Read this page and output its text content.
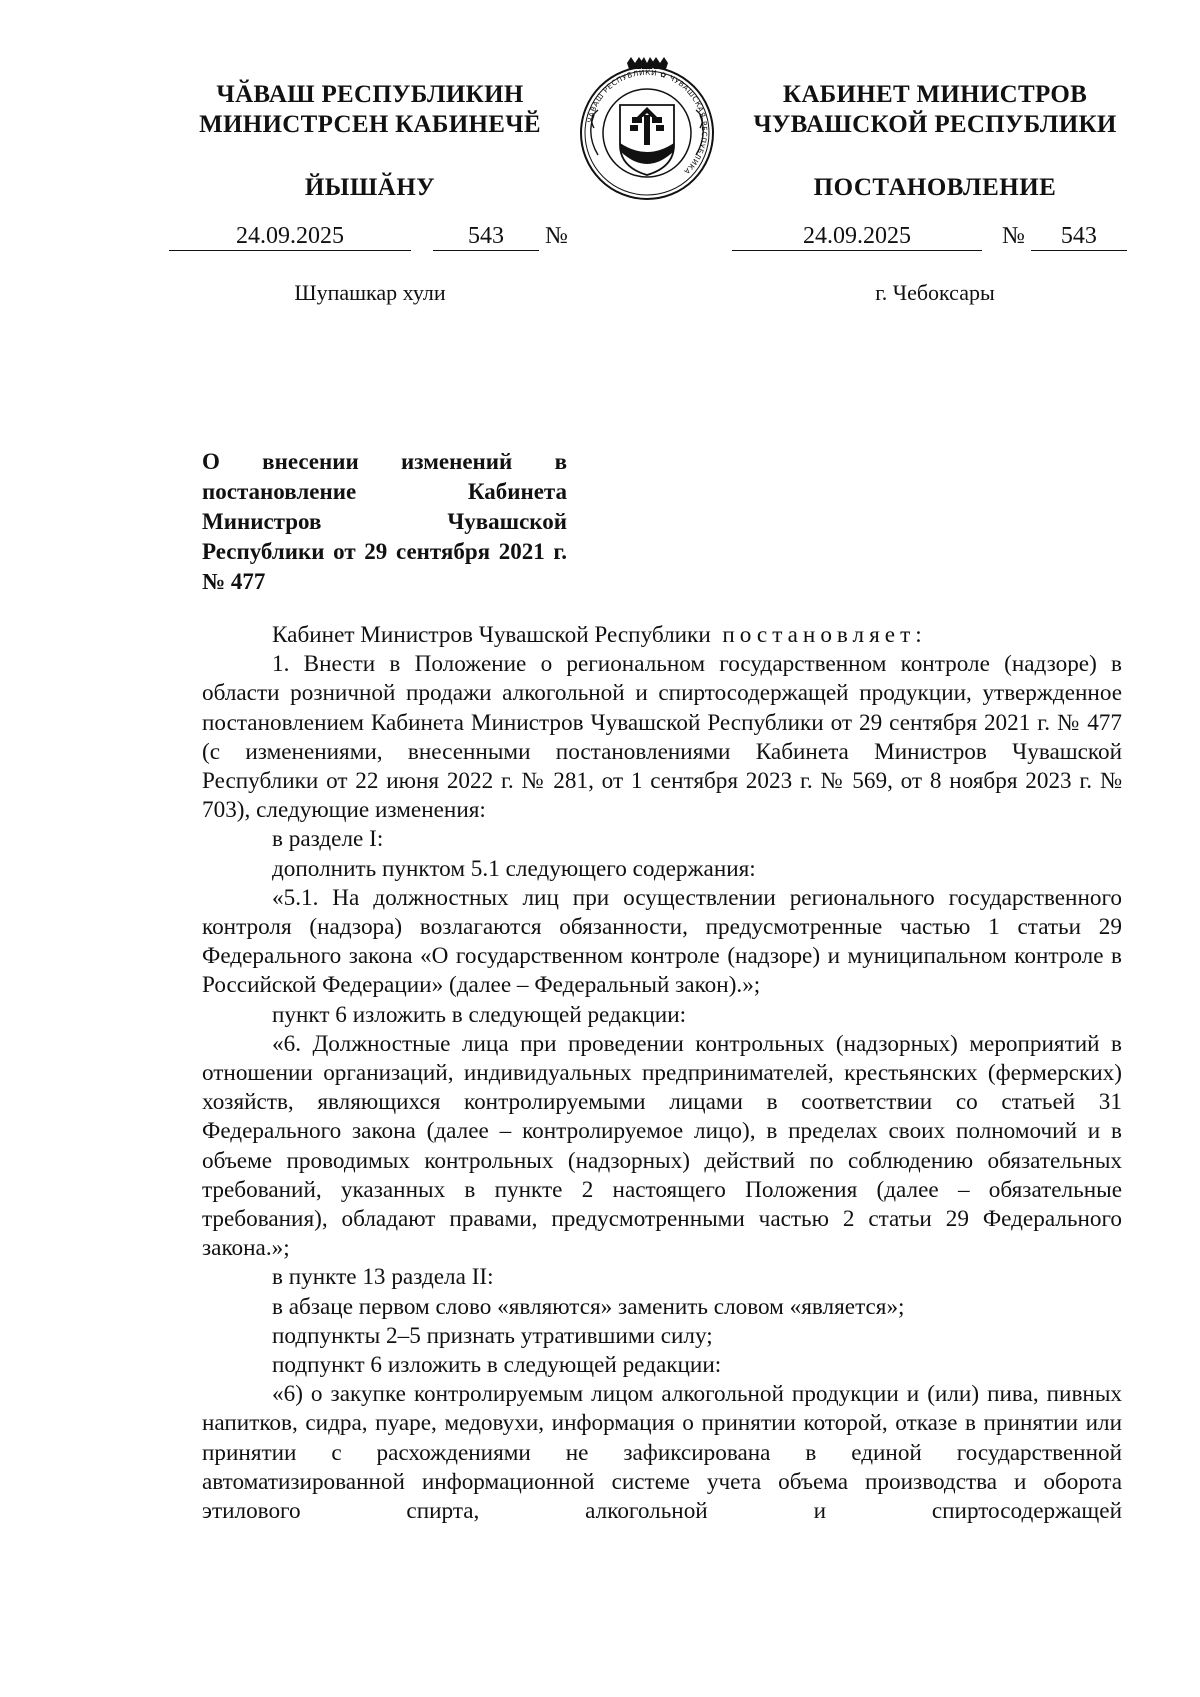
ЧӐВАШ РЕСПУБЛИКИН
МИНИСТРСЕН КАБИНЕЧӖ
ЙЫШӐНУ
ЧӐВАШ РЕСПУБЛИКИ ✿ ЧУВАШСКАЯ РЕСПУБЛИКА
КАБИНЕТ МИНИСТРОВ
ЧУВАШСКОЙ РЕСПУБЛИКИ
ПОСТАНОВЛЕНИЕ
24.09.2025	543 №	24.09.2025	№ 543
Шупашкар хули	г. Чебоксары
О внесении изменений в постановление Кабинета Министров Чувашской Республики от 29 сентября 2021 г. № 477

Кабинет Министров Чувашской Республики постановляет:

1. Внести в Положение о региональном государственном контроле (надзоре) в области розничной продажи алкогольной и спиртосодержащей продукции, утвержденное постановлением Кабинета Министров Чувашской Республики от 29 сентября 2021 г. № 477 (с изменениями, внесенными постановлениями Кабинета Министров Чувашской Республики от 22 июня 2022 г. № 281, от 1 сентября 2023 г. № 569, от 8 ноября 2023 г. № 703), следующие изменения:

в разделе I:

дополнить пунктом 5.1 следующего содержания:

«5.1. На должностных лиц при осуществлении регионального государственного контроля (надзора) возлагаются обязанности, предусмотренные частью 1 статьи 29 Федерального закона «О государственном контроле (надзоре) и муниципальном контроле в Российской Федерации» (далее – Федеральный закон).»;

пункт 6 изложить в следующей редакции:

«6. Должностные лица при проведении контрольных (надзорных) мероприятий в отношении организаций, индивидуальных предпринимателей, крестьянских (фермерских) хозяйств, являющихся контролируемыми лицами в соответствии со статьей 31 Федерального закона (далее – контролируемое лицо), в пределах своих полномочий и в объеме проводимых контрольных (надзорных) действий по соблюдению обязательных требований, указанных в пункте 2 настоящего Положения (далее – обязательные требования), обладают правами, предусмотренными частью 2 статьи 29 Федерального закона.»;

в пункте 13 раздела II:

в абзаце первом слово «являются» заменить словом «является»;

подпункты 2–5 признать утратившими силу;

подпункт 6 изложить в следующей редакции:

«6) о закупке контролируемым лицом алкогольной продукции и (или) пива, пивных напитков, сидра, пуаре, медовухи, информация о принятии которой, отказе в принятии или принятии с расхождениями не зафиксирована в единой государственной автоматизированной информационной системе учета объема производства и оборота этилового спирта, алкогольной и спиртосодержащей
